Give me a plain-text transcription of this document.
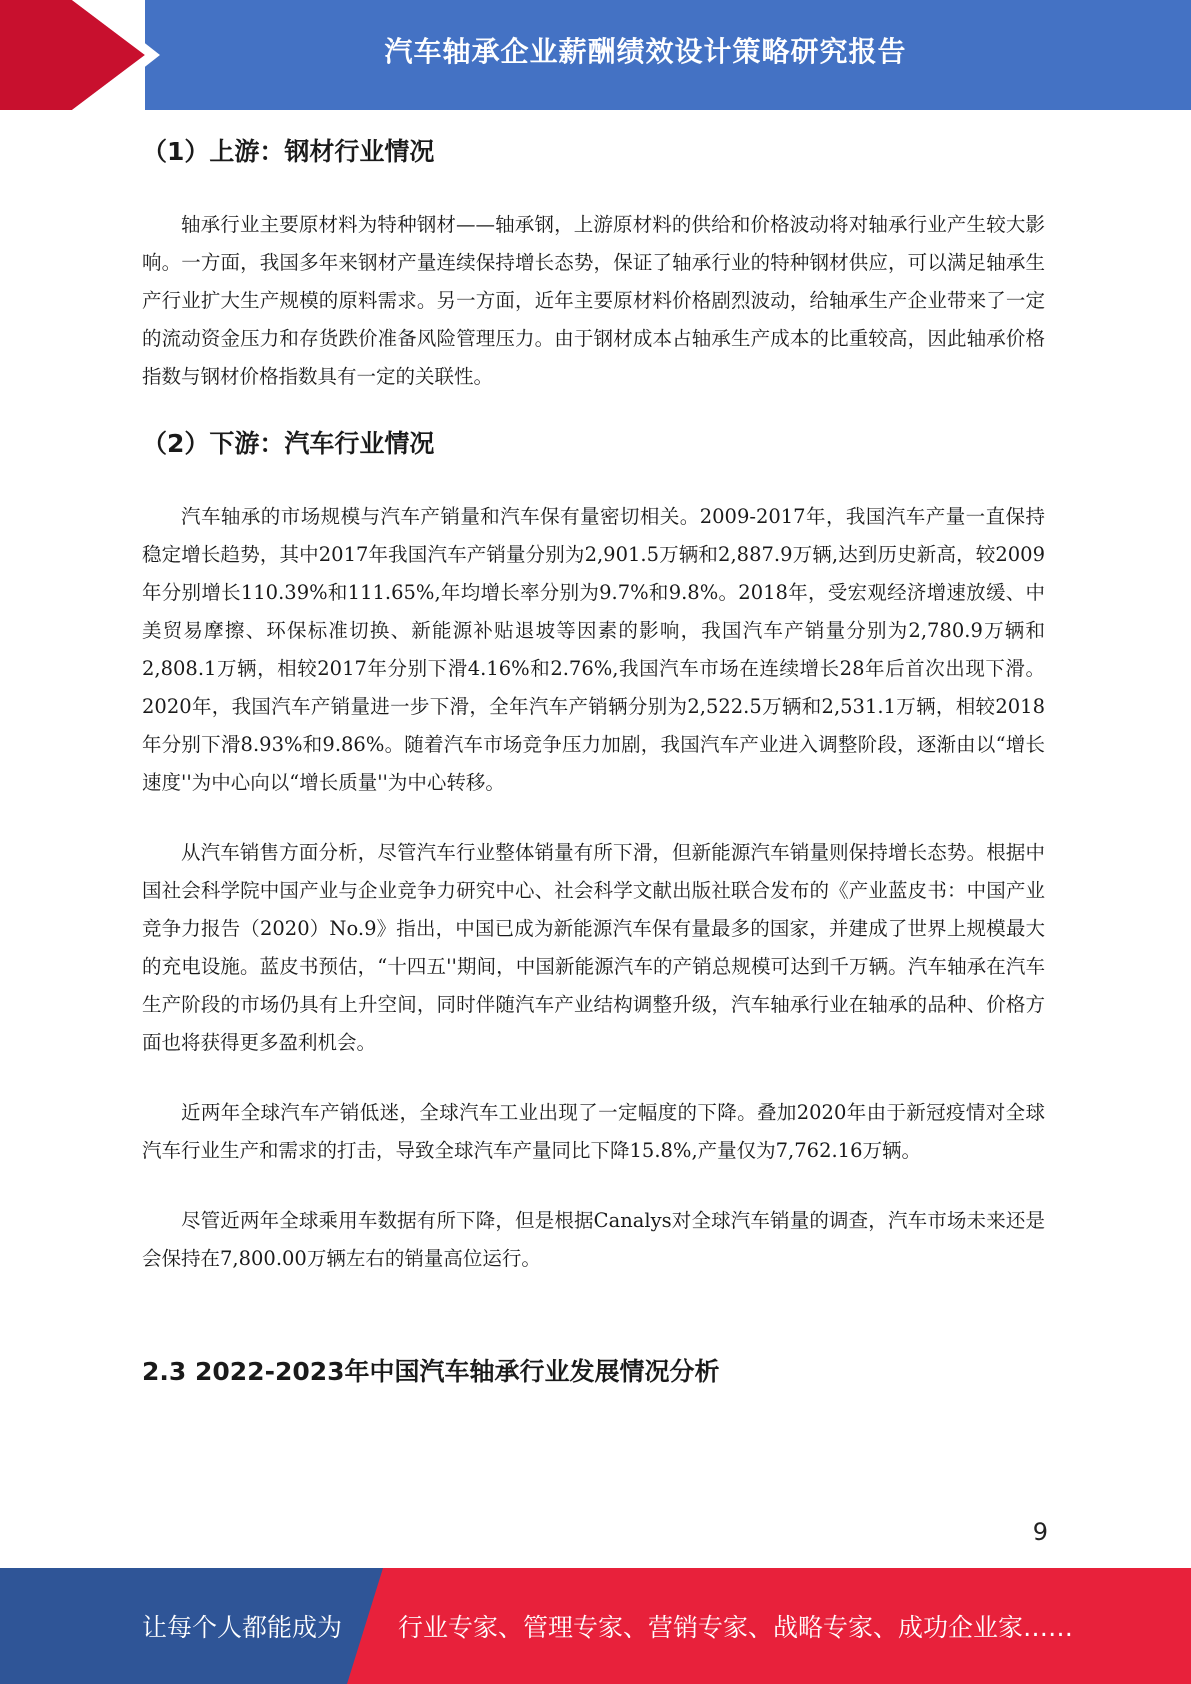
汽车轴承企业薪酬绩效设计策略研究报告
（1）上游：钢材行业情况

轴承行业主要原材料为特种钢材——轴承钢，上游原材料的供给和价格波动将对轴承行业产生较大影响。一方面，我国多年来钢材产量连续保持增长态势，保证了轴承行业的特种钢材供应，可以满足轴承生产行业扩大生产规模的原料需求。另一方面，近年主要原材料价格剧烈波动，给轴承生产企业带来了一定的流动资金压力和存货跌价准备风险管理压力。由于钢材成本占轴承生产成本的比重较高，因此轴承价格指数与钢材价格指数具有一定的关联性。

（2）下游：汽车行业情况

汽车轴承的市场规模与汽车产销量和汽车保有量密切相关。2009-2017年，我国汽车产量一直保持稳定增长趋势，其中2017年我国汽车产销量分别为2,901.5万辆和2,887.9万辆,达到历史新高，较2009年分别增长110.39%和111.65%,年均增长率分别为9.7%和9.8%。2018年，受宏观经济增速放缓、中美贸易摩擦、环保标准切换、新能源补贴退坡等因素的影响，我国汽车产销量分别为2,780.9万辆和2,808.1万辆，相较2017年分别下滑4.16%和2.76%,我国汽车市场在连续增长28年后首次出现下滑。2020年，我国汽车产销量进一步下滑，全年汽车产销辆分别为2,522.5万辆和2,531.1万辆，相较2018年分别下滑8.93%和9.86%。随着汽车市场竞争压力加剧，我国汽车产业进入调整阶段，逐渐由以“增长速度''为中心向以“增长质量''为中心转移。

从汽车销售方面分析，尽管汽车行业整体销量有所下滑，但新能源汽车销量则保持增长态势。根据中国社会科学院中国产业与企业竞争力研究中心、社会科学文献出版社联合发布的《产业蓝皮书：中国产业竞争力报告（2020）No.9》指出，中国已成为新能源汽车保有量最多的国家，并建成了世界上规模最大的充电设施。蓝皮书预估，“十四五''期间，中国新能源汽车的产销总规模可达到千万辆。汽车轴承在汽车生产阶段的市场仍具有上升空间，同时伴随汽车产业结构调整升级，汽车轴承行业在轴承的品种、价格方面也将获得更多盈利机会。

近两年全球汽车产销低迷，全球汽车工业出现了一定幅度的下降。叠加2020年由于新冠疫情对全球汽车行业生产和需求的打击，导致全球汽车产量同比下降15.8%,产量仅为7,762.16万辆。

尽管近两年全球乘用车数据有所下降，但是根据Canalys对全球汽车销量的调查，汽车市场未来还是会保持在7,800.00万辆左右的销量高位运行。

2.3 2022-2023年中国汽车轴承行业发展情况分析
9
让每个人都能成为 行业专家、管理专家、营销专家、战略专家、成功企业家……
